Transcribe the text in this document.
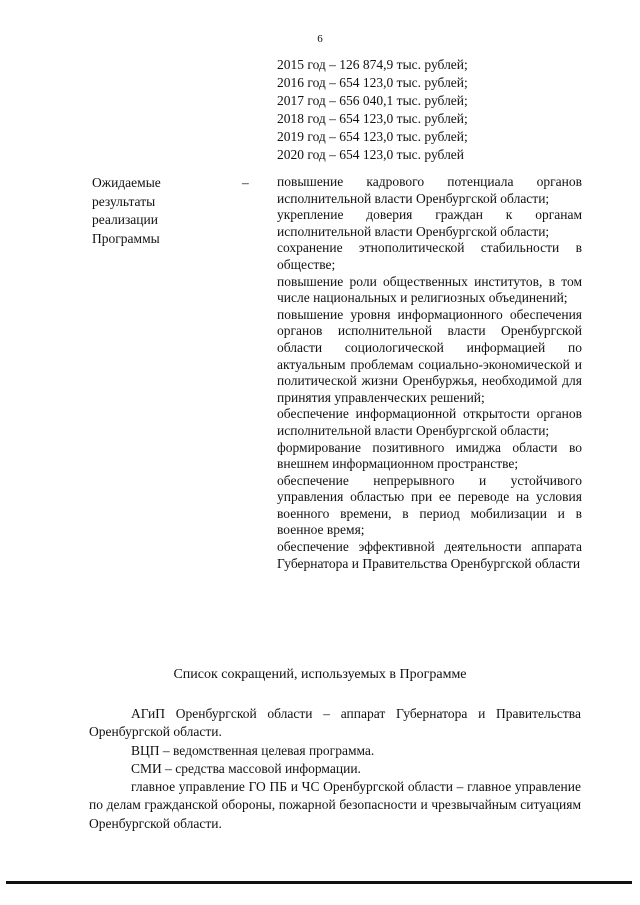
6
2015 год – 126 874,9 тыс. рублей;
2016 год – 654 123,0 тыс. рублей;
2017 год – 656 040,1 тыс. рублей;
2018 год – 654 123,0 тыс. рублей;
2019 год – 654 123,0 тыс. рублей;
2020 год – 654 123,0 тыс. рублей
Ожидаемые
результаты
реализации
Программы
– повышение кадрового потенциала органов исполнительной власти Оренбургской области;
укрепление доверия граждан к органам исполнительной власти Оренбургской области;
сохранение этнополитической стабильности в обществе;
повышение роли общественных институтов, в том числе национальных и религиозных объединений;
повышение уровня информационного обеспечения органов исполнительной власти Оренбургской области социологической информацией по актуальным проблемам социально-экономической и политической жизни Оренбуржья, необходимой для принятия управленческих решений;
обеспечение информационной открытости органов исполнительной власти Оренбургской области;
формирование позитивного имиджа области во внешнем информационном пространстве;
обеспечение непрерывного и устойчивого управления областью при ее переводе на условия военного времени, в период мобилизации и в военное время;
обеспечение эффективной деятельности аппарата Губернатора и Правительства Оренбургской области
Список сокращений, используемых в Программе

АГиП Оренбургской области – аппарат Губернатора и Правительства Оренбургской области.

ВЦП – ведомственная целевая программа.

СМИ – средства массовой информации.

главное управление ГО ПБ и ЧС Оренбургской области – главное управление по делам гражданской обороны, пожарной безопасности и чрезвычайным ситуациям Оренбургской области.
